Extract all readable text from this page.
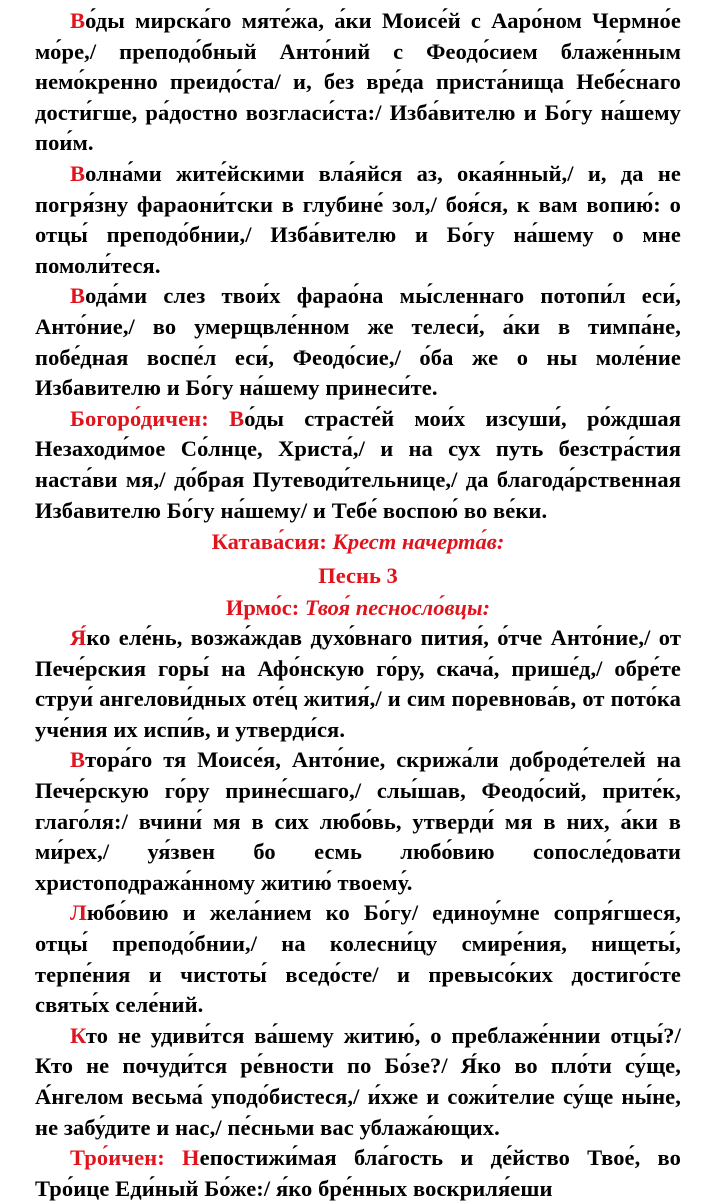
Во́ды мирска́го мяте́жа, а́ки Моисе́й с Ааро́ном Чермно́е мо́ре,/ преподо́бный Анто́ний с Феодо́сием блаже́нным немо́кренно преидо́ста/ и, без вре́да приста́нища Небе́снаго дости́гше, ра́достно возгласи́ста:/ Изба́вителю и Бо́гу на́шему пои́м.

Волна́ми жите́йскими вла́яйся аз, окая́нный,/ и, да не погря́зну фараони́тски в глубине́ зол,/ боя́ся, к вам вопию́: о отцы́ преподо́бнии,/ Изба́вителю и Бо́гу на́шему о мне помоли́теся.

Вода́ми слез твои́х фарао́на мы́сленнаго потопи́л еси́, Анто́ние,/ во умерщвле́нном же телеси́, а́ки в тимпа́не, побе́дная воспе́л еси́, Феодо́сие,/ о́ба же о ны моле́ние Избавителю и Бо́гу на́шему принеси́те.

Богоро́дичен: Во́ды страсте́й мои́х изсуши́, ро́ждшая Незаходи́мое Со́лнце, Христа́,/ и на сух путь безстра́стия наста́ви мя,/ до́брая Путеводи́тельнице,/ да благода́рственная Избавителю Бо́гу на́шему/ и Тебе́ воспою́ во ве́ки.

Катава́сия: Крест начерта́в:

Песнь 3

Ирмо́с: Твоя́ песносло́вцы:

Я́ко еле́нь, возжа́ждав духо́внаго пития́, о́тче Анто́ние,/ от Пече́рския горы́ на Афо́нскую го́ру, скача́, прише́д,/ обре́те струи́ ангелови́дных оте́ц жития́,/ и сим поревнова́в, от пото́ка уче́ния их испи́в, и утверди́ся.

Втора́го тя Моисе́я, Анто́ние, скрижа́ли доброде́телей на Пече́рскую го́ру прине́сшаго,/ слы́шав, Феодо́сий, прите́к, глаго́ля:/ вчини́ мя в сих любо́вь, утверди́ мя в них, а́ки в ми́рех,/ уя́звен бо есмь любо́вию сопосле́довати христоподража́нному житию́ твоему́.

Любо́вию и жела́нием ко Бо́гу/ единоу́мне сопря́гшеся, отцы́ преподо́бнии,/ на колесни́цу смире́ния, нищеты́, терпе́ния и чистоты́ вседо́сте/ и превысо́ких достиго́сте святы́х селе́ний.

Кто не удиви́тся ва́шему житию́, о преблаже́ннии отцы́?/ Кто не почуди́тся ре́вности по Бо́зе?/ Я́ко во пло́ти су́ще, А́нгелом весьма́ уподо́бистеся,/ и́хже и сожи́телие су́ще ны́не, не забу́дите и нас,/ пе́сньми вас ублажа́ющих.

Тро́ичен: Непостижи́мая бла́гость и де́йство Твое́, во Тро́ице Еди́ный Бо́же:/ я́ко бре́нных воскриля́еши
